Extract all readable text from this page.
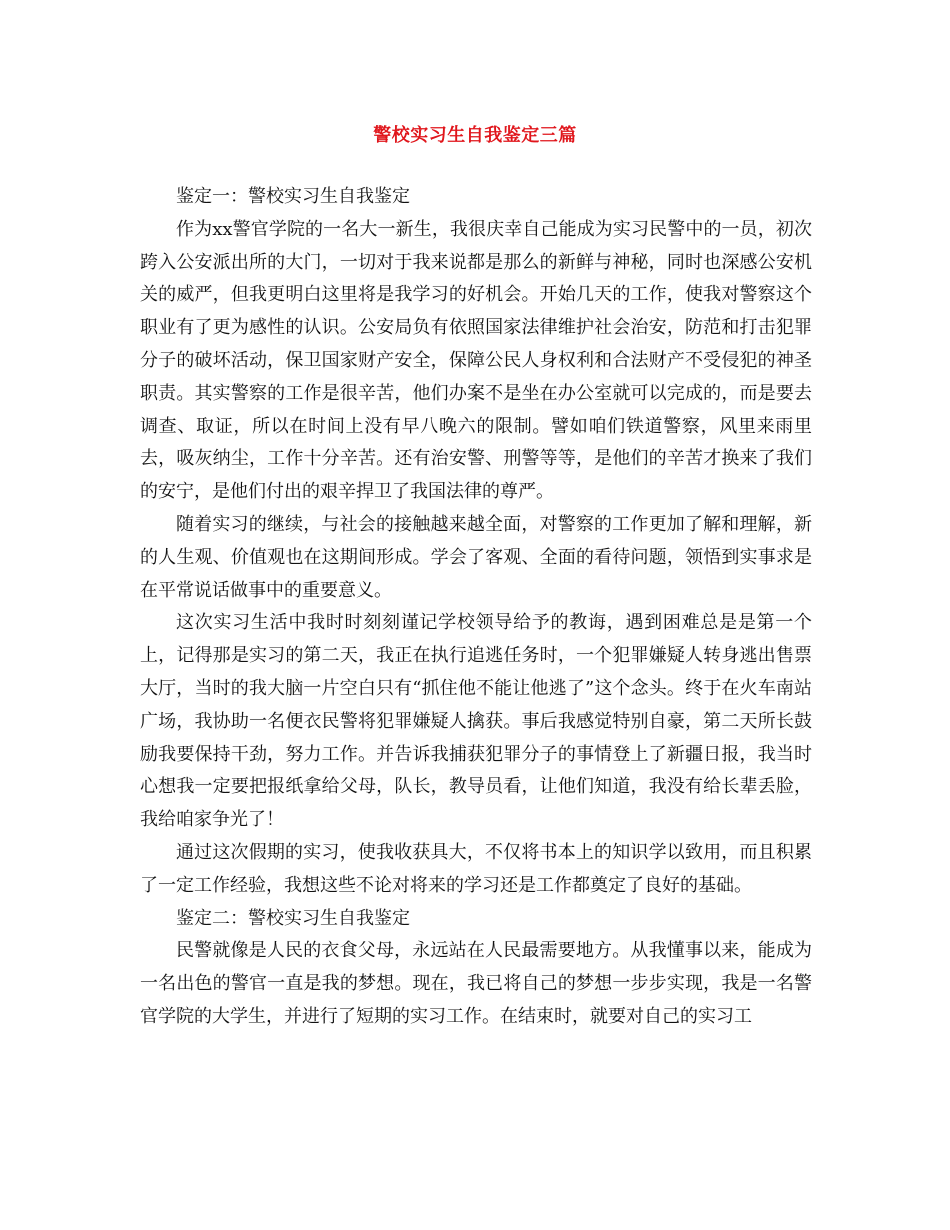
警校实习生自我鉴定三篇

鉴定一：警校实习生自我鉴定

作为xx警官学院的一名大一新生，我很庆幸自己能成为实习民警中的一员，初次跨入公安派出所的大门，一切对于我来说都是那么的新鲜与神秘，同时也深感公安机关的威严，但我更明白这里将是我学习的好机会。开始几天的工作，使我对警察这个职业有了更为感性的认识。公安局负有依照国家法律维护社会治安，防范和打击犯罪分子的破坏活动，保卫国家财产安全，保障公民人身权利和合法财产不受侵犯的神圣职责。其实警察的工作是很辛苦，他们办案不是坐在办公室就可以完成的，而是要去调查、取证，所以在时间上没有早八晚六的限制。譬如咱们铁道警察，风里来雨里去，吸灰纳尘，工作十分辛苦。还有治安警、刑警等等，是他们的辛苦才换来了我们的安宁，是他们付出的艰辛捍卫了我国法律的尊严。

随着实习的继续，与社会的接触越来越全面，对警察的工作更加了解和理解，新的人生观、价值观也在这期间形成。学会了客观、全面的看待问题，领悟到实事求是在平常说话做事中的重要意义。

这次实习生活中我时时刻刻谨记学校领导给予的教诲，遇到困难总是是第一个上，记得那是实习的第二天，我正在执行追逃任务时，一个犯罪嫌疑人转身逃出售票大厅，当时的我大脑一片空白只有“抓住他不能让他逃了”这个念头。终于在火车南站广场，我协助一名便衣民警将犯罪嫌疑人擒获。事后我感觉特别自豪，第二天所长鼓励我要保持干劲，努力工作。并告诉我捕获犯罪分子的事情登上了新疆日报，我当时心想我一定要把报纸拿给父母，队长，教导员看，让他们知道，我没有给长辈丢脸，我给咱家争光了！

通过这次假期的实习，使我收获具大，不仅将书本上的知识学以致用，而且积累了一定工作经验，我想这些不论对将来的学习还是工作都奠定了良好的基础。

鉴定二：警校实习生自我鉴定

民警就像是人民的衣食父母，永远站在人民最需要地方。从我懂事以来，能成为一名出色的警官一直是我的梦想。现在，我已将自己的梦想一步步实现，我是一名警官学院的大学生，并进行了短期的实习工作。在结束时，就要对自己的实习工
